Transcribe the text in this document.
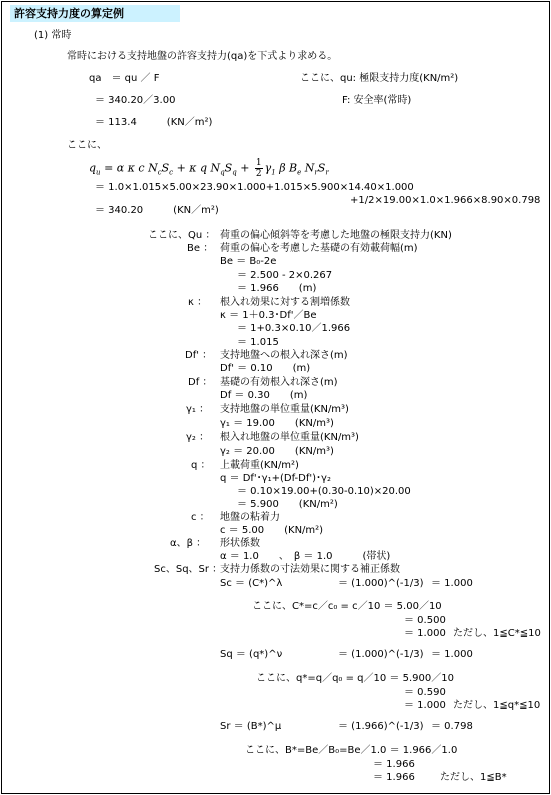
許容支持力度の算定例
(1) 常時
常時における支持地盤の許容支持力(qa)を下式より求める。
qa　＝ qu ／ F	ここに、qu: 極限支持力度(KN/m²)
＝ 340.20／3.00	F: 安全率(常時)
＝ 113.4　　　(KN／m²)
ここに、
$q_u = \alpha$ κ c $N_cS_c + \kappa$ q $N_qS_q + \frac{1}{2} \gamma_1$ β $B_e$ $N_rS_r$
＝ 1.0×1.015×5.00×23.90×1.000+1.015×5.900×14.40×1.000
+1/2×19.00×1.0×1.966×8.90×0.798
＝ 340.20　　　(KN／m²)
ここに、Qu ： 荷重の偏心傾斜等を考慮した地盤の極限支持力(KN)
Be ： 荷重の偏心を考慮した基礎の有効載荷幅(m)
Be ＝ B₀-2e
＝ 2.500 - 2×0.267
＝ 1.966　　(m)
κ ： 根入れ効果に対する割増係数
κ ＝ 1＋0.3･Df'／Be
＝ 1+0.3×0.10／1.966
＝ 1.015
Df' ： 支持地盤への根入れ深さ(m)
Df' ＝ 0.10　　(m)
Df ： 基礎の有効根入れ深さ(m)
Df ＝ 0.30　　(m)
γ₁ ： 支持地盤の単位重量(KN/m³)
γ₁ ＝ 19.00　　(KN/m³)
γ₂ ： 根入れ地盤の単位重量(KN/m³)
γ₂ ＝ 20.00　　(KN/m³)
q ： 上載荷重(KN/m²)
q ＝ Df'･γ₁+(Df-Df')･γ₂
＝ 0.10×19.00+(0.30-0.10)×20.00
＝ 5.900　　(KN/m²)
c ： 地盤の粘着力
c ＝ 5.00　　(KN/m²)
α、β ： 形状係数
α ＝ 1.0　　、　β ＝ 1.0　　　(帯状)
Sc、Sq、Sr ：
支持力係数の寸法効果に関する補正係数
Sc ＝ (C*)^λ	＝ (1.000)^(-1/3) ＝ 1.000
ここに、C*=c／c₀ = c／10 ＝ 5.00／10
＝ 0.500
＝ 1.000 ただし、1≦C*≦10
Sq ＝ (q*)^ν	＝ (1.000)^(-1/3) ＝ 1.000
ここに、q*=q／q₀ = q／10 ＝ 5.900／10
＝ 0.590
＝ 1.000 ただし、1≦q*≦10
Sr ＝ (B*)^μ	＝ (1.966)^(-1/3) ＝ 0.798
ここに、B*=Be／B₀=Be／1.0 ＝ 1.966／1.0
＝ 1.966
＝ 1.966	ただし、1≦B*
